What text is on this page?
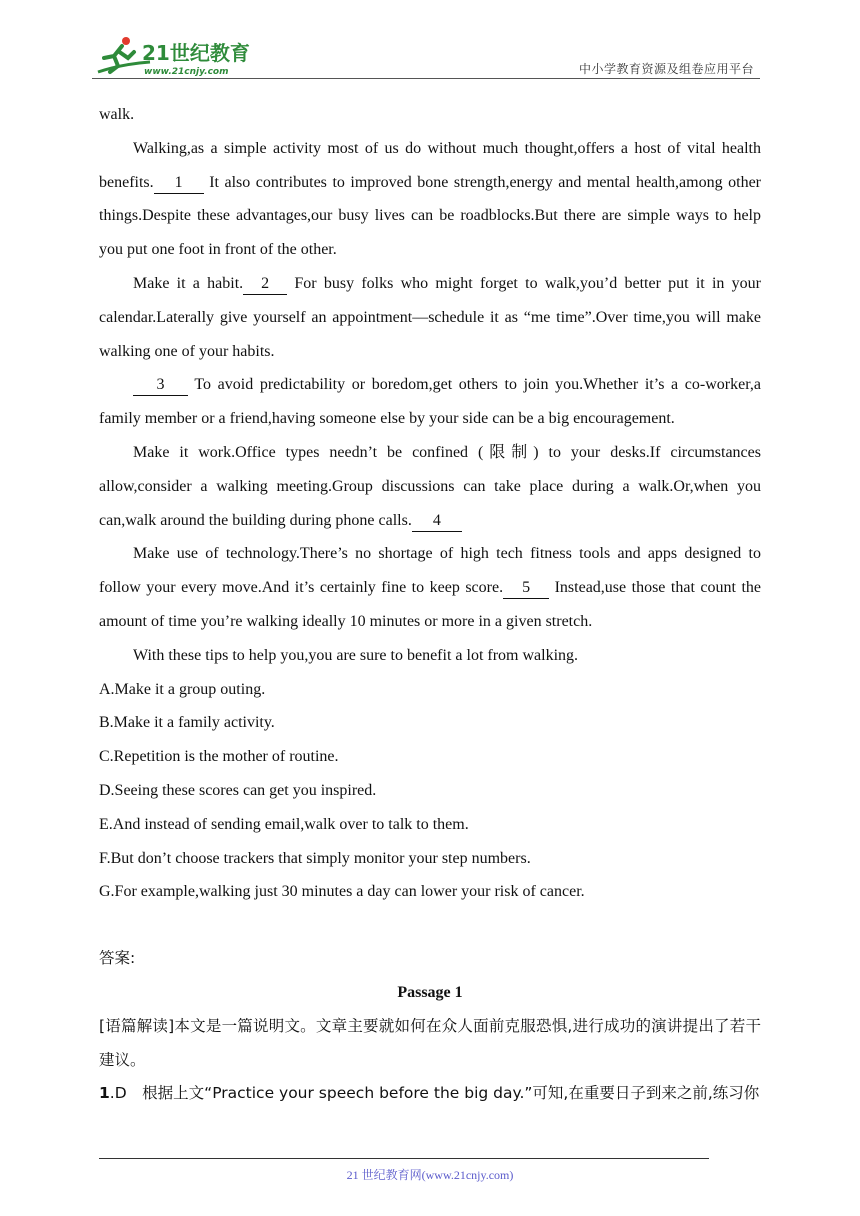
21世纪教育
www.21cnjy.com	中小学教育资源及组卷应用平台

walk.

Walking,as a simple activity most of us do without much thought,offers a host of vital health benefits. 1 It also contributes to improved bone strength,energy and mental health,among other things.Despite these advantages,our busy lives can be roadblocks.But there are simple ways to help you put one foot in front of the other.

Make it a habit. 2 For busy folks who might forget to walk,you’d better put it in your calendar.Laterally give yourself an appointment—schedule it as “me time”.Over time,you will make walking one of your habits.

3 To avoid predictability or boredom,get others to join you.Whether it’s a co-worker,a family member or a friend,having someone else by your side can be a big encouragement.

Make it work.Office types needn’t be confined (限制) to your desks.If circumstances allow,consider a walking meeting.Group discussions can take place during a walk.Or,when you can,walk around the building during phone calls. 4

Make use of technology.There’s no shortage of high tech fitness tools and apps designed to follow your every move.And it’s certainly fine to keep score. 5 Instead,use those that count the amount of time you’re walking ideally 10 minutes or more in a given stretch.

With these tips to help you,you are sure to benefit a lot from walking.

A.Make it a group outing.

B.Make it a family activity.

C.Repetition is the mother of routine.

D.Seeing these scores can get you inspired.

E.And instead of sending email,walk over to talk to them.

F.But don’t choose trackers that simply monitor your step numbers.

G.For example,walking just 30 minutes a day can lower your risk of cancer.

答案:

Passage 1

[语篇解读]本文是一篇说明文。文章主要就如何在众人面前克服恐惧,进行成功的演讲提出了若干建议。

1.D　根据上文“Practice your speech before the big day.”可知,在重要日子到来之前,练习你

21 世纪教育网(www.21cnjy.com)
